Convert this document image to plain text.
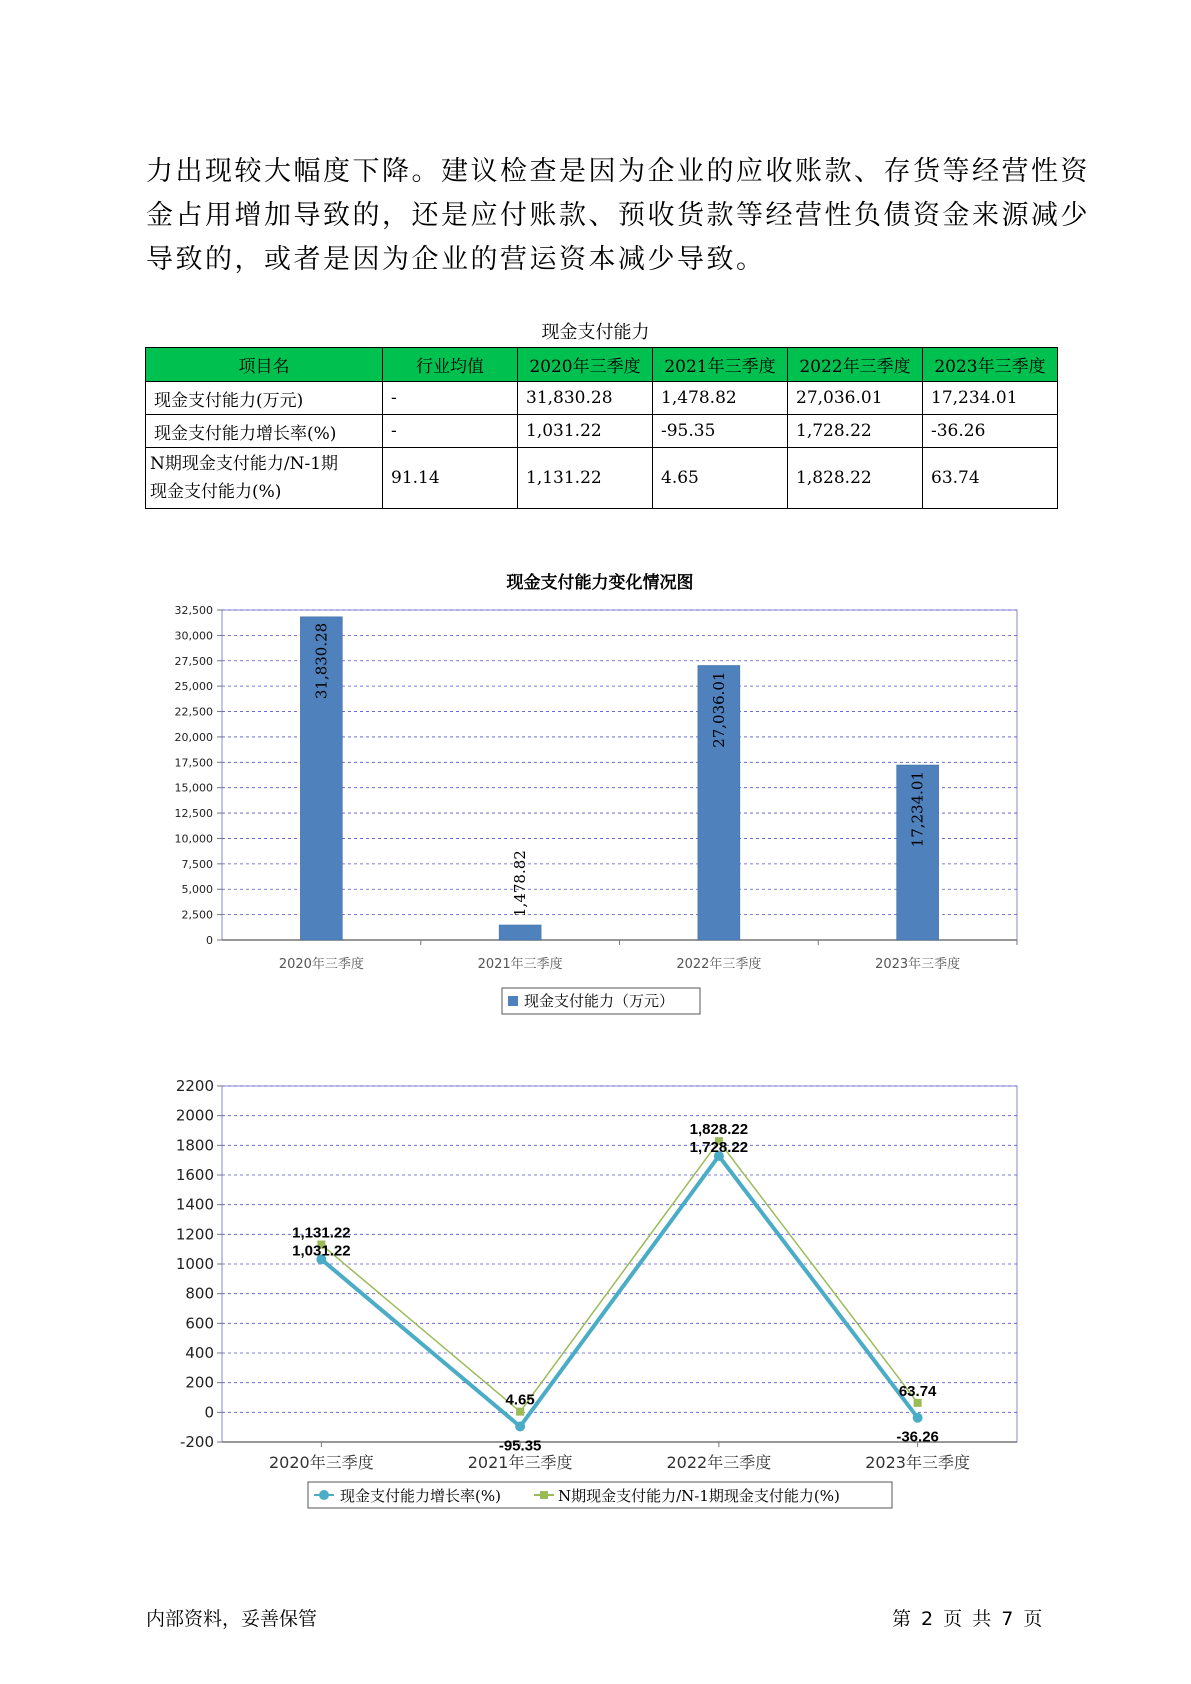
力出现较大幅度下降。建议检查是因为企业的应收账款、存货等经营性资

金占用增加导致的，还是应付账款、预收货款等经营性负债资金来源减少

导致的，或者是因为企业的营运资本减少导致。

现金支付能力
项目名	行业均值	2020年三季度	2021年三季度	2022年三季度	2023年三季度
现金支付能力(万元)	-	31,830.28	1,478.82	27,036.01	17,234.01
现金支付能力增长率(%)	-	1,031.22	-95.35	1,728.22	-36.26

N期现金支付能力/N-1期
现金支付能力(%)	91.14	1,131.22	4.65	1,828.22	63.74
现金支付能力变化情况图
0
2,500
5,000
7,500
10,000
12,500
15,000
17,500
20,000
22,500
25,000
27,500
30,000
32,500
31,830.28
1,478.82
27,036.01
17,234.01
2020年三季度	2021年三季度	2022年三季度	2023年三季度
现金支付能力（万元）
-200
0
200
400
600
800
1000
1200
1400
1600
1800
2000
2200
1,131.22
4.65
1,828.22
63.74
1,031.22
-95.35
1,728.22
-36.26
2020年三季度	2021年三季度	2022年三季度	2023年三季度
现金支付能力增长率(%)	N期现金支付能力/N-1期现金支付能力(%)
内部资料，妥善保管	第 2 页 共 7 页
